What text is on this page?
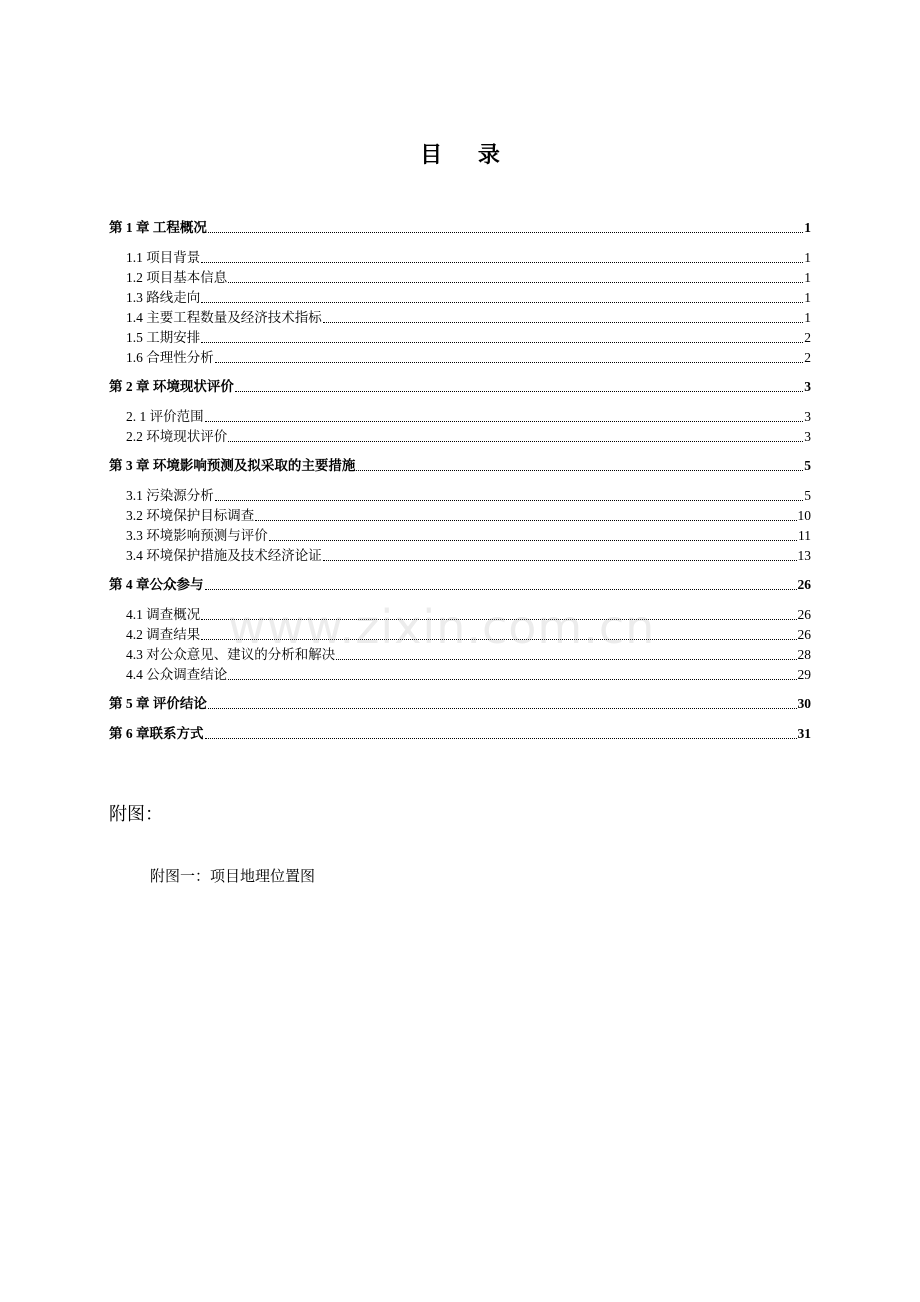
目 录
第 1 章 工程概况	1
1.1 项目背景	1
1.2 项目基本信息	1
1.3 路线走向	1
1.4 主要工程数量及经济技术指标	1
1.5 工期安排	2
1.6 合理性分析	2
第 2 章 环境现状评价	3
2. 1 评价范围	3
2.2 环境现状评价	3
第 3 章 环境影响预测及拟采取的主要措施	5
3.1 污染源分析	5
3.2 环境保护目标调查	10
3.3 环境影响预测与评价	11
3.4 环境保护措施及技术经济论证	13
第 4 章公众参与	26
4.1 调查概况	26
4.2 调查结果	26
4.3 对公众意见、建议的分析和解决	28
4.4 公众调查结论	29
第 5 章 评价结论	30
第 6 章联系方式	31
www.zixin.com.cn
附图：
附图一：项目地理位置图
